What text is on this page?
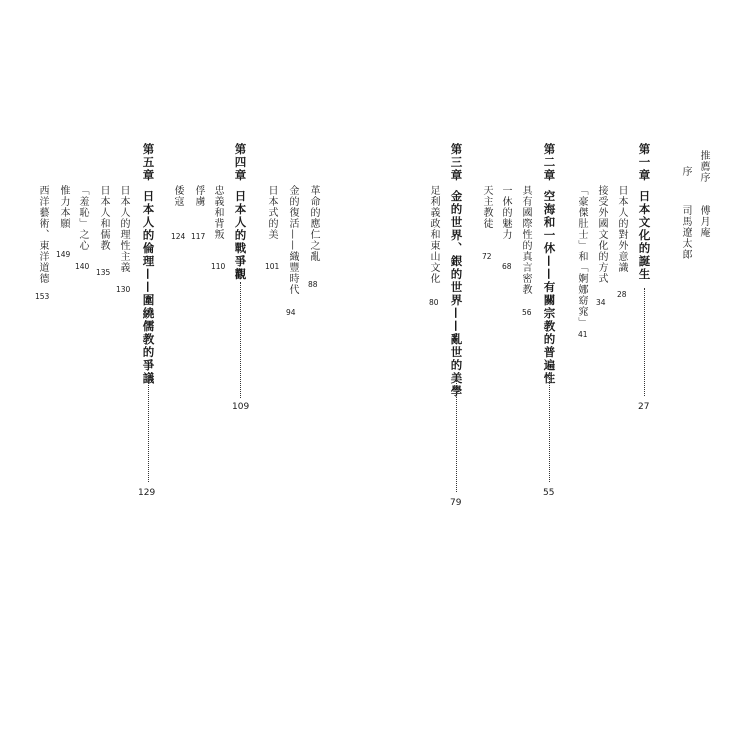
推薦序
傅月庵
序
司馬遼太郎
第一章
日本文化的誕生
27
日本人的對外意識
28
接受外國文化的方式
34
「豪傑肚士」和「婀娜窈窕」
41
第二章
空海和一休——有關宗教的普遍性
55
具有國際性的真言密教
56
一休的魅力
68
天主教徒
72
第三章
金的世界、銀的世界——亂世的美學
79
足利義政和東山文化
80
革命的應仁之亂
88
金的復活——織豐時代
94
日本式的美
101
第四章
日本人的戰爭觀
109
忠義和背叛
110
俘虜
117
倭寇
124
第五章
日本人的倫理——圍繞儒教的爭議
129
日本人的理性主義
130
日本人和儒教
135
「羞恥」之心
140
惟力本願
149
西洋藝術、東洋道德
153
